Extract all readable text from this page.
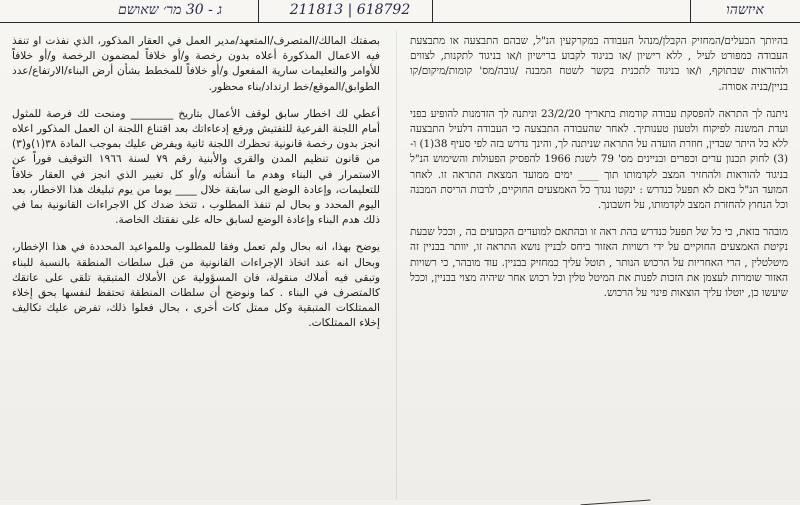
ג - 30 מר׳ שאושם	211813 | 618792	איזשהו

بصفتك المالك/المتصرف/المتعهد/مدير العمل في العقار المذكور، الذي نفذت او تنفذ فيه الاعمال المذكورة أعلاه بدون رخصة و/أو خلافاً لمضمون الرخصة و/أو خلافاً للأوامر والتعليمات سارية المفعول و/أو خلافاً للمخطط بشأن أرض البناء/الارتفاع/عدد الطوابق/الموقع/خط ارتداد/بناء محظور.

أعطي لك اخطار سابق لوقف الأعمال بتاريخ ________ ومنحت لك فرصة للمثول أمام اللجنة الفرعية للتفتيش ورفع إدعاءاتك بعد اقتناع اللجنة ان العمل المذكور اعلاه انجز بدون رخصة قانونية تحظرك اللجنة ثانية ويفرض عليك بموجب المادة ٣٨(١)و(٣) من قانون تنظيم المدن والقرى والأبنية رقم ٧٩ لسنة ١٩٦٦ التوقيف فوراً عن الاستمرار في البناء وهدم ما أنشأته و/أو كل تغيير الذي انجز في العقار خلافاً للتعليمات، وإعادة الوضع الى سابقة خلال ____ يوما من يوم تبليغك هذا الاخطار، بعد اليوم المحدد و بحال لم تنفذ المطلوب ، تتخذ ضدك كل الاجراءات القانونية بما في ذلك هدم البناء وإعادة الوضع لسابق حاله على نفقتك الخاصة.

يوضح بهذا، انه بحال ولم تعمل وفقا للمطلوب وللمواعيد المحددة في هذا الإخطار، وبحال انه عند اتخاذ الإجراءات القانونية من قبل سلطات المنطقة بالنسبة للبناء وتبقى فيه أملاك منقولة، فان المسؤولية عن الأملاك المتبقية تلقى على عاتقك كالمتصرف في البناء . كما ونوضح أن سلطات المنطقة تحتفظ لنفسها بحق إخلاء الممتلكات المتبقية وكل ممتل كات أخرى ، بحال فعلوا ذلك، تفرض عليك تكاليف إخلاء الممتلكات.

בהיותך הבעלים/המחזיק הקבלן/מנהל העבודה במקרקעין הנ"ל, שבהם התבצעה או מתבצעת העבודה כמפורט לעיל , ללא רישיון /או בניגוד לקבוע ברישיון ו/או בניגוד לתקנות, לצווים ולהוראות שבתוקף, ו/או בניגוד לתכנית בקשר לשטח המבנה /גובה/מס' קומות/מיקום/קו בניין/בניה אסורה.

ניתנה לך התראה להפסקת עבודה קודמות בתאריך 23/2/20 וניתנה לך הזדמנות להופיע בפני ועדת המשנה לפיקוח ולטעון טענותיך. לאחר שהעבודה התבצעה כי העבודה דלעיל התבצעה ללא כל היתר שבדין, חוזרת הועדה על התראה שניתנה לך, והינך נדרש בזה לפי סעיף 38(1) ו-(3) לחוק תכנון ערים וכפרים ובניינים מס' 79 לשנת 1966 להפסיק הפעולות והשימוש הנ"ל בניגוד להוראות ולהחזיר המצב לקדמותו תוך ____ ימים ממועד המצאת התראה זו. לאחר המועד הנ"ל באם לא תפעל כנדרש : ינקטו נגדך כל האמצעים החוקיים, לרבות הריסת המבנה וכל הנחוץ להחזרת המצב לקדמותו, על חשבונך.

מובהר בזאת, כי כל של תפעל כנדרש בהת ראה זו ובהתאם למועדים הקבועים בה , וככל שבעת נקיטת האמצעים החוקיים על ידי רשויות האזור ביחס לבניין נושא התראה זו, יוותר בבניין זה מיטלטלין , הרי האחריות על הרכוש הנותר , תוטל עליך כמחזיק בבניין. עוד מובהר, כי רשויות האזור שומרות לעצמן את הזכות לפנות את המיטל טלין וכל רכוש אחר שיהיה מצוי בבניין, וככל שיעשו כן, יוטלו עליך הוצאות פינוי על הרכוש.
